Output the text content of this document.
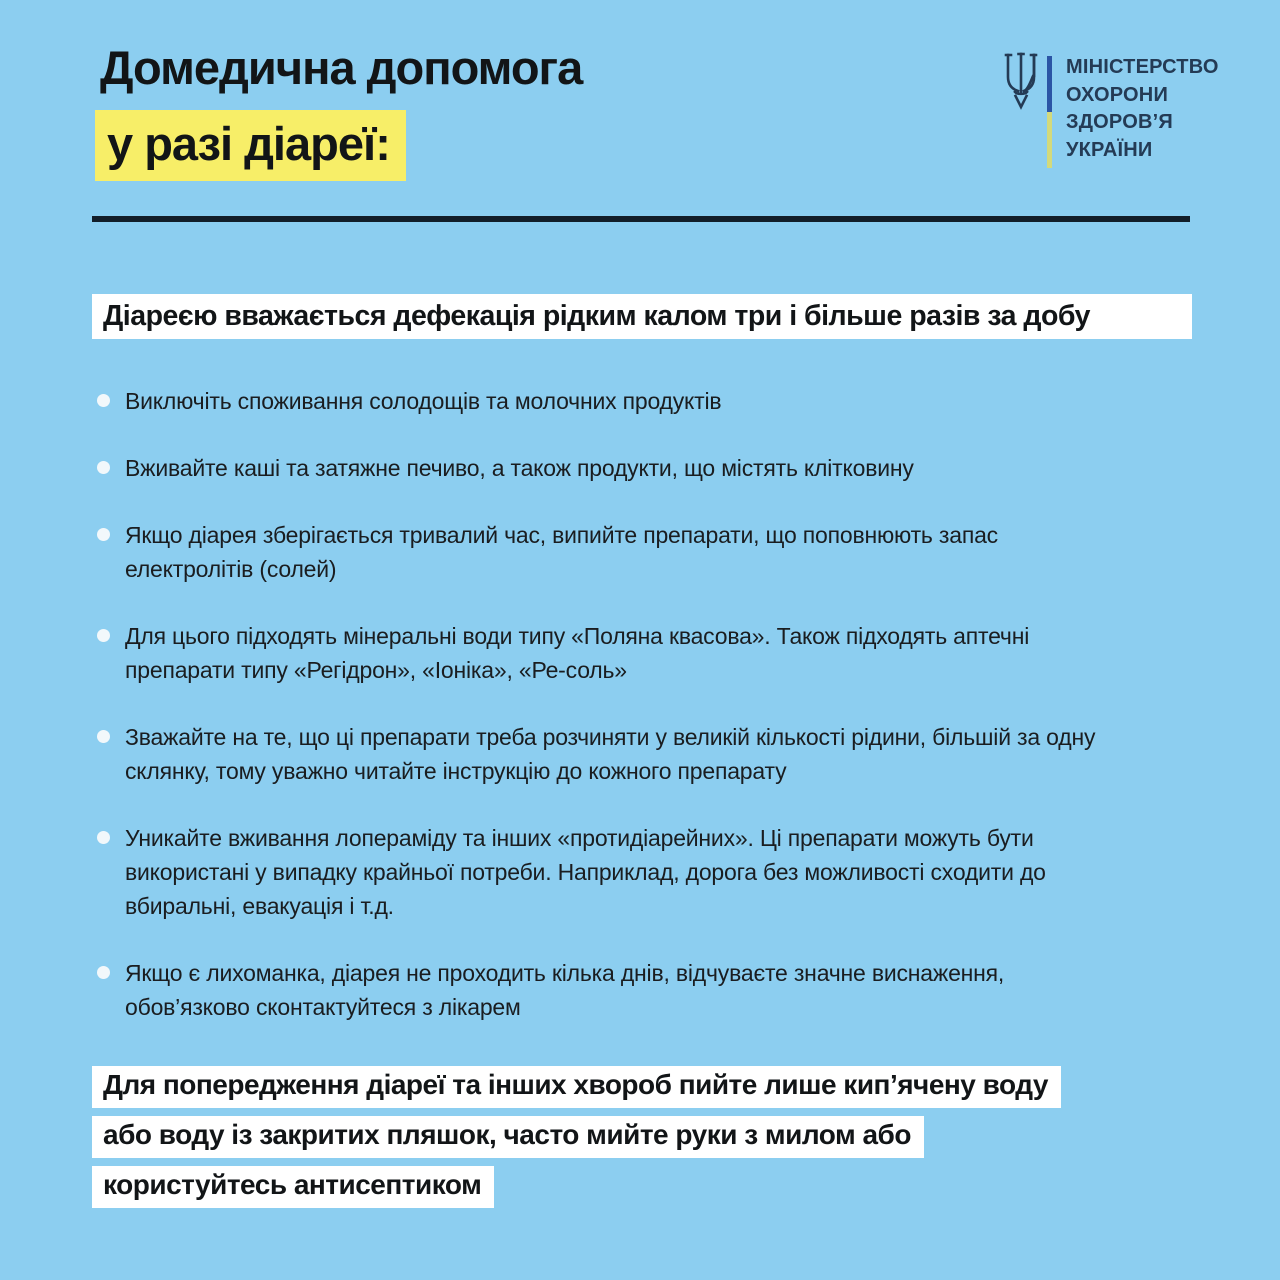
Домедична допомога
у разі діареї:
МІНІСТЕРСТВО
ОХОРОНИ
ЗДОРОВ’Я
УКРАЇНИ
Діареєю вважається дефекація рідким калом три і більше разів за добу
Виключіть споживання солодощів та молочних продуктів
Вживайте каші та затяжне печиво, а також продукти, що містять клітковину
Якщо діарея зберігається тривалий час, випийте препарати, що поповнюють запас електролітів (солей)
Для цього підходять мінеральні води типу «Поляна квасова». Також підходять аптечні препарати типу «Регідрон», «Іоніка», «Ре-соль»
Зважайте на те, що ці препарати треба розчиняти у великій кількості рідини, більшій за одну склянку, тому уважно читайте інструкцію до кожного препарату
Уникайте вживання лопераміду та інших «протидіарейних». Ці препарати можуть бути використані у випадку крайньої потреби. Наприклад, дорога без можливості сходити до вбиральні, евакуація і т.д.
Якщо є лихоманка, діарея не проходить кілька днів, відчуваєте значне виснаження, обов’язково сконтактуйтеся з лікарем
Для попередження діареї та інших хвороб пийте лише кип’ячену воду
або воду із закритих пляшок, часто мийте руки з милом або
користуйтесь антисептиком
